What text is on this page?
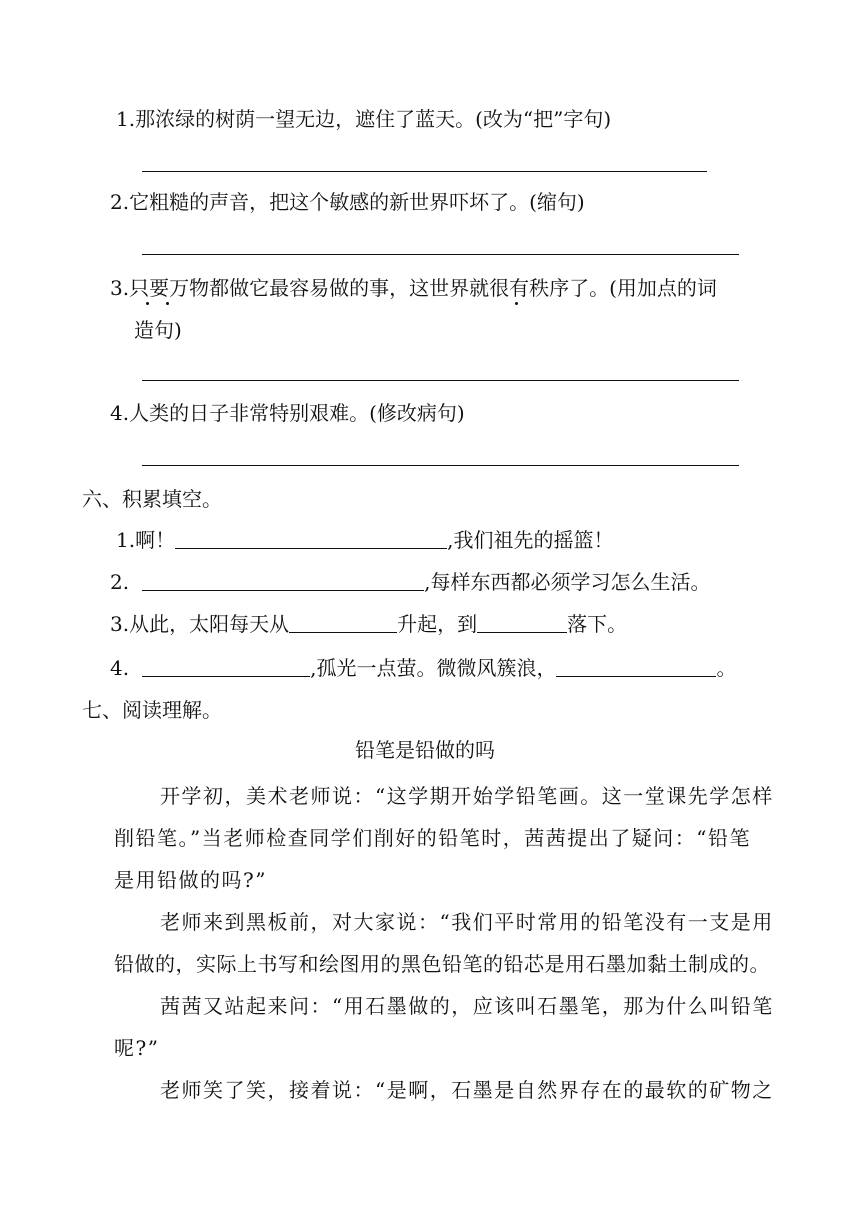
1.那浓绿的树荫一望无边，遮住了蓝天。(改为“把”字句)
2.它粗糙的声音，把这个敏感的新世界吓坏了。(缩句)
3.只要万物都做它最容易做的事，这世界就很有秩序了。(用加点的词
造句)
4.人类的日子非常特别艰难。(修改病句)
六、积累填空。
1.啊！	,我们祖先的摇篮！
2.	,每样东西都必须学习怎么生活。
3.从此，太阳每天从	升起，到	落下。
4.	,孤光一点萤。微微风簇浪，	。
七、阅读理解。
铅笔是铅做的吗
开学初，美术老师说：“这学期开始学铅笔画。这一堂课先学怎样
削铅笔。”当老师检查同学们削好的铅笔时，茜茜提出了疑问：“铅笔
是用铅做的吗?”
老师来到黑板前，对大家说：“我们平时常用的铅笔没有一支是用
铅做的，实际上书写和绘图用的黑色铅笔的铅芯是用石墨加黏土制成的。
茜茜又站起来问：“用石墨做的，应该叫石墨笔，那为什么叫铅笔
呢?”
老师笑了笑，接着说：“是啊，石墨是自然界存在的最软的矿物之
